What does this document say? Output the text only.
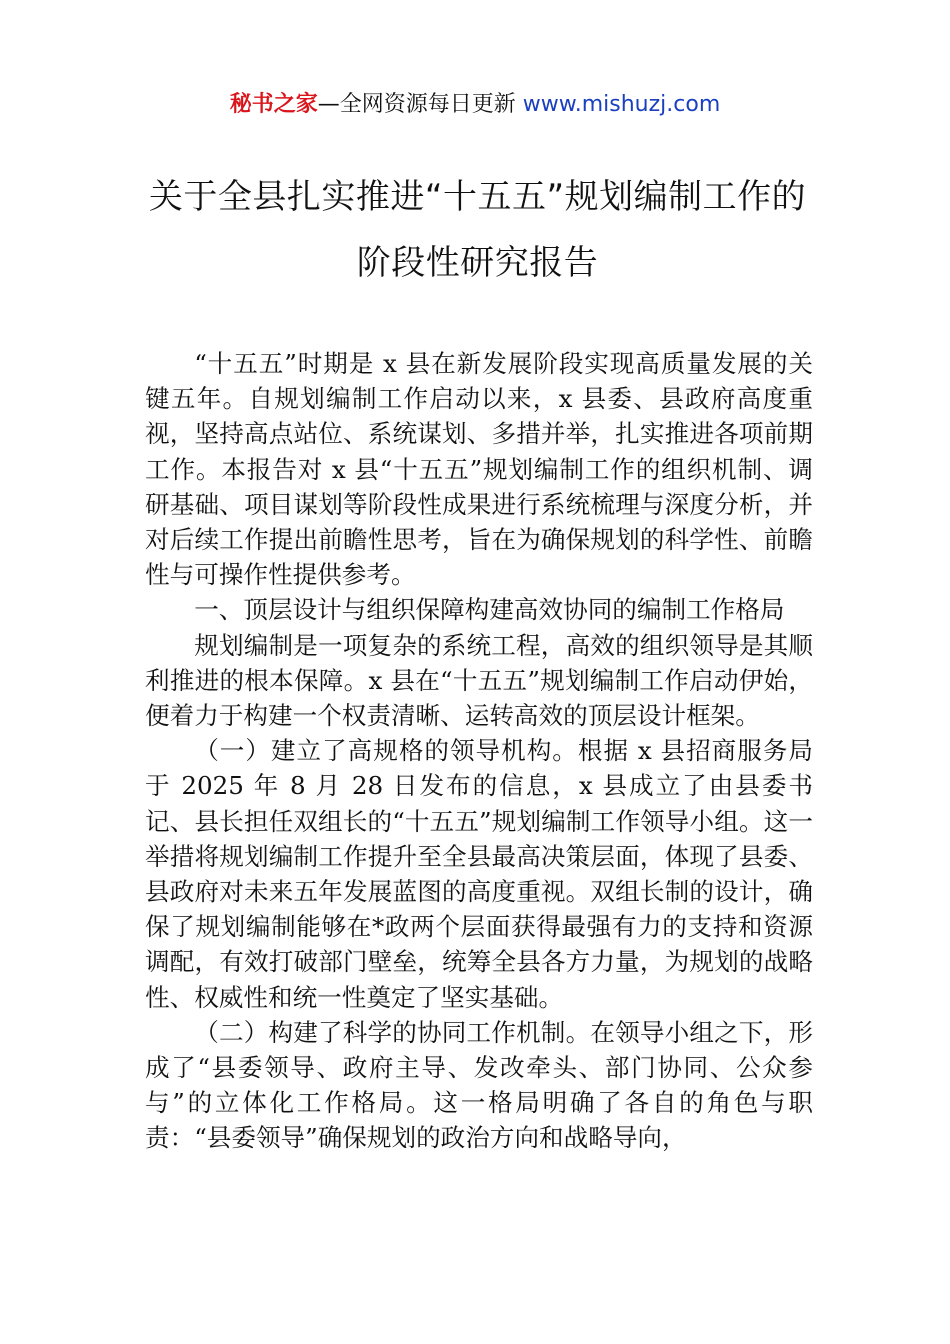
秘书之家—全网资源每日更新 www.mishuzj.com
关于全县扎实推进“十五五”规划编制工作的阶段性研究报告

“十五五”时期是 x 县在新发展阶段实现高质量发展的关键五年。自规划编制工作启动以来，x 县委、县政府高度重视，坚持高点站位、系统谋划、多措并举，扎实推进各项前期工作。本报告对 x 县“十五五”规划编制工作的组织机制、调研基础、项目谋划等阶段性成果进行系统梳理与深度分析，并对后续工作提出前瞻性思考，旨在为确保规划的科学性、前瞻性与可操作性提供参考。

一、顶层设计与组织保障构建高效协同的编制工作格局

规划编制是一项复杂的系统工程，高效的组织领导是其顺利推进的根本保障。x 县在“十五五”规划编制工作启动伊始，便着力于构建一个权责清晰、运转高效的顶层设计框架。

（一）建立了高规格的领导机构。根据 x 县招商服务局于 2025 年 8 月 28 日发布的信息，x 县成立了由县委书记、县长担任双组长的“十五五”规划编制工作领导小组。这一举措将规划编制工作提升至全县最高决策层面，体现了县委、县政府对未来五年发展蓝图的高度重视。双组长制的设计，确保了规划编制能够在*政两个层面获得最强有力的支持和资源调配，有效打破部门壁垒，统筹全县各方力量，为规划的战略性、权威性和统一性奠定了坚实基础。

（二）构建了科学的协同工作机制。在领导小组之下，形成了“县委领导、政府主导、发改牵头、部门协同、公众参与”的立体化工作格局。这一格局明确了各自的角色与职责：“县委领导”确保规划的政治方向和战略导向，
